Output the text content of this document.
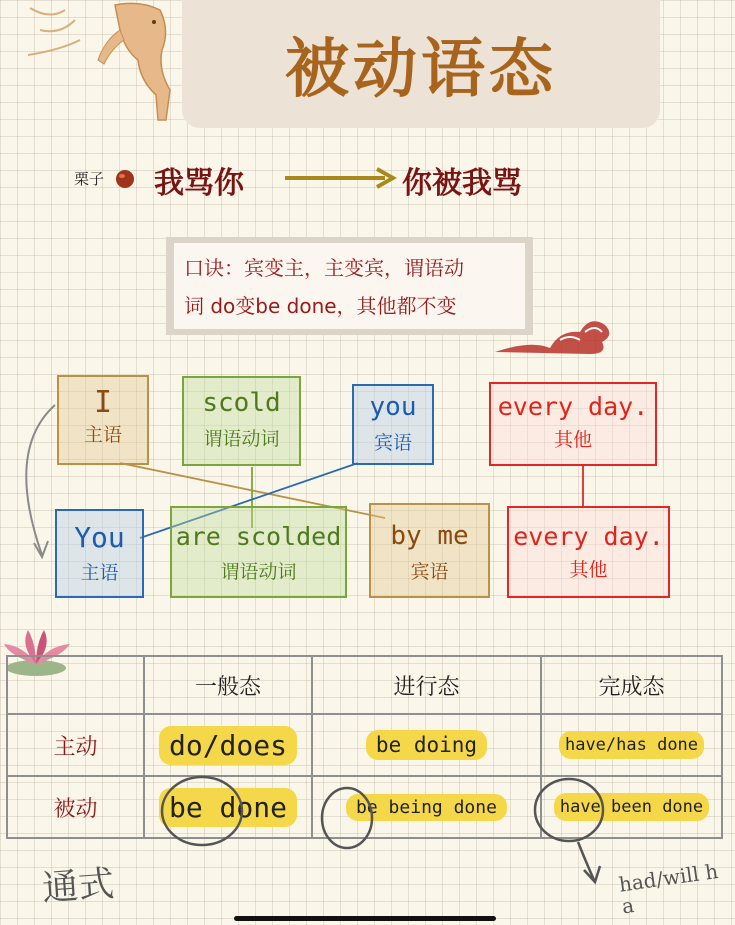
被动语态
栗子 我骂你	你被我骂
口诀：宾变主，主变宾，谓语动
词 do变be done，其他都不变
I
主语
scold
谓语动词
you
宾语
every day.
其他
You
主语
are scolded
谓语动词
by me
宾语
every day.
其他
	一般态	进行态	完成态
主动	do/does	be doing	have/has done
被动	be done	be being done	have been done
通式	had/will ha
